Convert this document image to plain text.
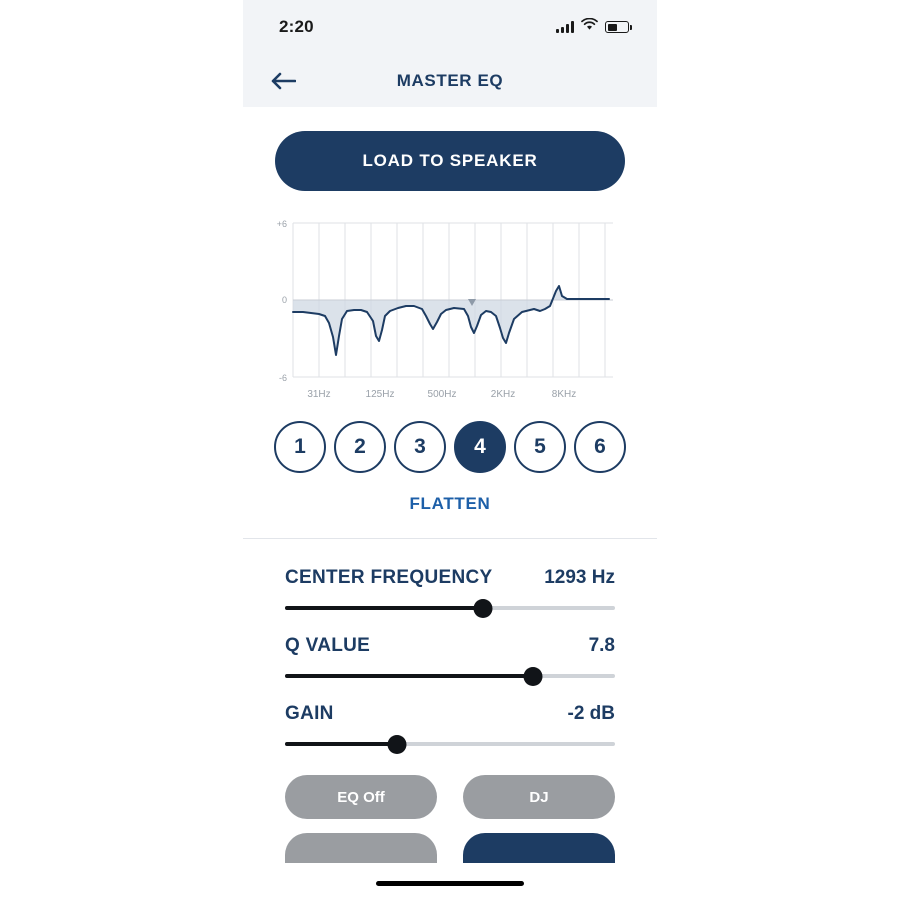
2:20
MASTER EQ
LOAD TO SPEAKER
+6
0
-6
31Hz	125Hz	500Hz	2KHz	8KHz
1	2	3	4	5	6
FLATTEN
CENTER FREQUENCY	1293 Hz
Q VALUE	7.8
GAIN	-2 dB
EQ Off	DJ
